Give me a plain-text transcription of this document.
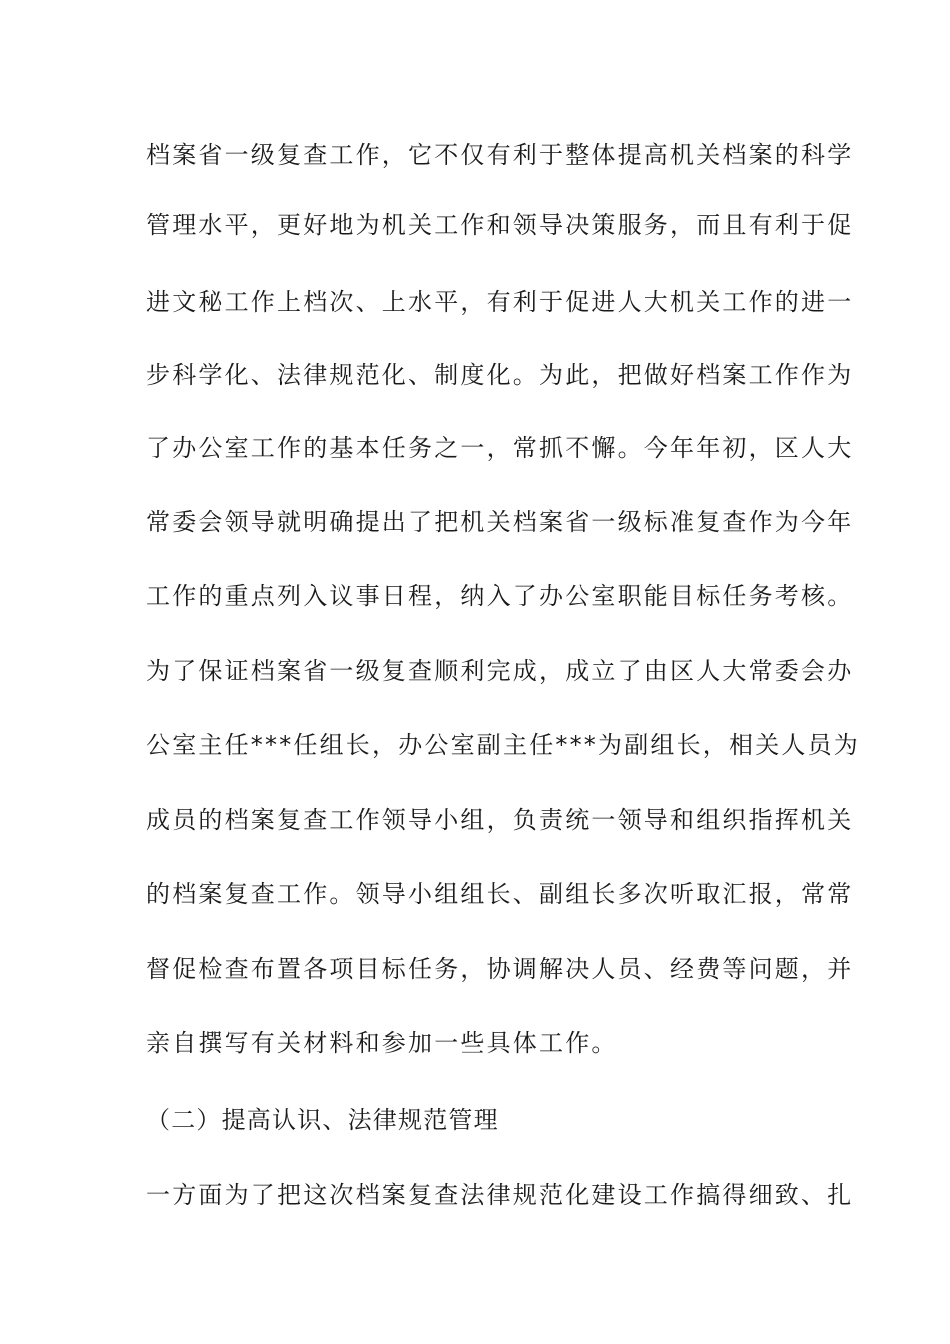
档案省一级复查工作，它不仅有利于整体提高机关档案的科学
管理水平，更好地为机关工作和领导决策服务，而且有利于促
进文秘工作上档次、上水平，有利于促进人大机关工作的进一
步科学化、法律规范化、制度化。为此，把做好档案工作作为
了办公室工作的基本任务之一，常抓不懈。今年年初，区人大
常委会领导就明确提出了把机关档案省一级标准复查作为今年
工作的重点列入议事日程，纳入了办公室职能目标任务考核。
为了保证档案省一级复查顺利完成，成立了由区人大常委会办
公室主任***任组长，办公室副主任***为副组长，相关人员为
成员的档案复查工作领导小组，负责统一领导和组织指挥机关
的档案复查工作。领导小组组长、副组长多次听取汇报，常常
督促检查布置各项目标任务，协调解决人员、经费等问题，并
亲自撰写有关材料和参加一些具体工作。
（二）提高认识、法律规范管理
一方面为了把这次档案复查法律规范化建设工作搞得细致、扎
